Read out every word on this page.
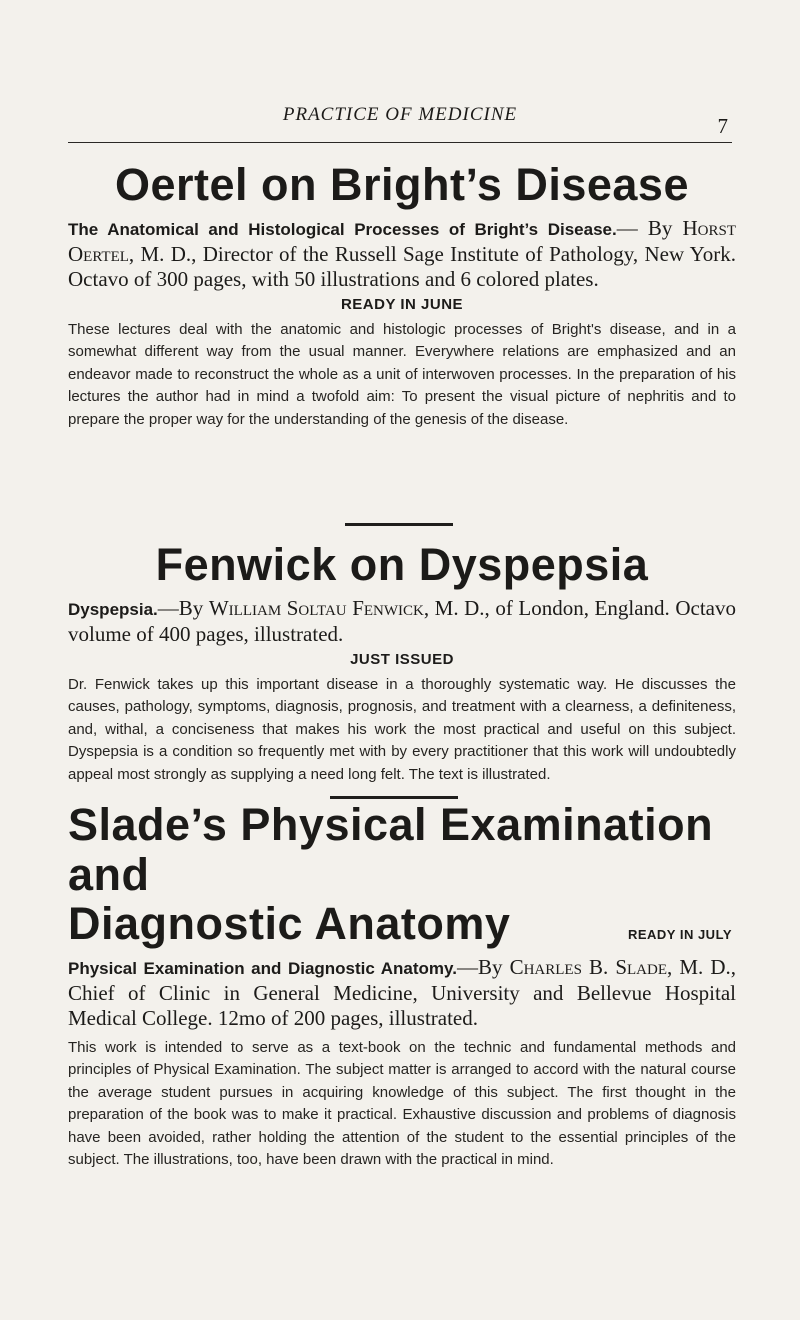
PRACTICE OF MEDICINE	7
Oertel on Bright’s Disease
The Anatomical and Histological Processes of Bright’s Disease.— By Horst Oertel, M. D., Director of the Russell Sage Institute of Pathology, New York. Octavo of 300 pages, with 50 illustrations and 6 colored plates.
READY IN JUNE
These lectures deal with the anatomic and histologic processes of Bright's disease, and in a somewhat different way from the usual manner. Everywhere relations are emphasized and an endeavor made to reconstruct the whole as a unit of interwoven processes. In the preparation of his lectures the author had in mind a twofold aim: To present the visual picture of nephritis and to prepare the proper way for the understanding of the genesis of the disease.
Fenwick on Dyspepsia
Dyspepsia.—By William Soltau Fenwick, M. D., of London, England. Octavo volume of 400 pages, illustrated.
JUST ISSUED
Dr. Fenwick takes up this important disease in a thoroughly systematic way. He discusses the causes, pathology, symptoms, diagnosis, prognosis, and treatment with a clearness, a definiteness, and, withal, a conciseness that makes his work the most practical and useful on this subject. Dyspepsia is a condition so frequently met with by every practitioner that this work will undoubtedly appeal most strongly as supplying a need long felt. The text is illustrated.
Slade’s Physical Examination and
Diagnostic Anatomy	READY IN JULY
Physical Examination and Diagnostic Anatomy.—By Charles B. Slade, M. D., Chief of Clinic in General Medicine, University and Bellevue Hospital Medical College. 12mo of 200 pages, illustrated.
This work is intended to serve as a text-book on the technic and fundamental methods and principles of Physical Examination. The subject matter is arranged to accord with the natural course the average student pursues in acquiring knowledge of this subject. The first thought in the preparation of the book was to make it practical. Exhaustive discussion and problems of diagnosis have been avoided, rather holding the attention of the student to the essential principles of the subject. The illustrations, too, have been drawn with the practical in mind.
